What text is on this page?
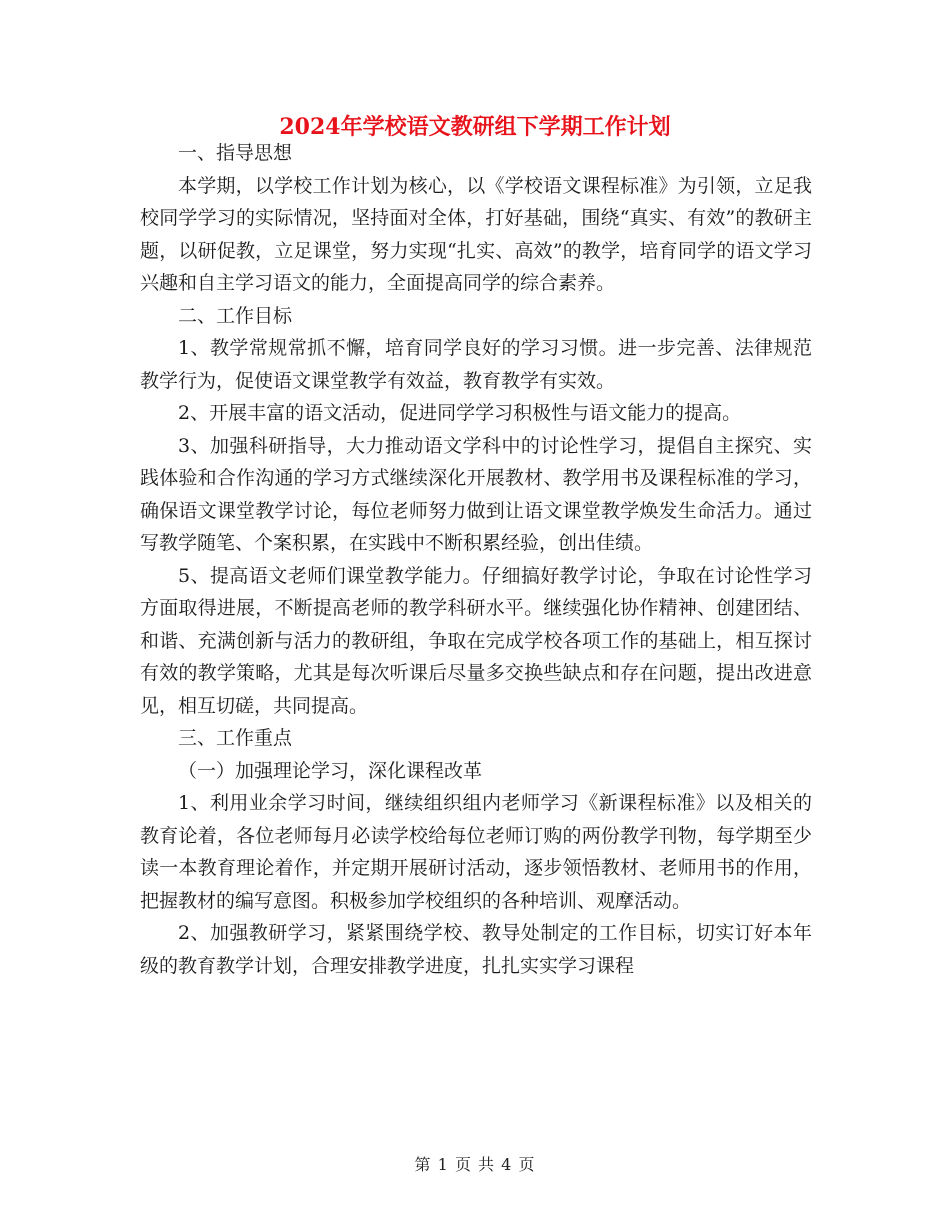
2024年学校语文教研组下学期工作计划

一、指导思想

本学期，以学校工作计划为核心，以《学校语文课程标准》为引领，立足我校同学学习的实际情况，坚持面对全体，打好基础，围绕“真实、有效”的教研主题，以研促教，立足课堂，努力实现“扎实、高效”的教学，培育同学的语文学习兴趣和自主学习语文的能力，全面提高同学的综合素养。

二、工作目标

1、教学常规常抓不懈，培育同学良好的学习习惯。进一步完善、法律规范教学行为，促使语文课堂教学有效益，教育教学有实效。

2、开展丰富的语文活动，促进同学学习积极性与语文能力的提高。

3、加强科研指导，大力推动语文学科中的讨论性学习，提倡自主探究、实践体验和合作沟通的学习方式继续深化开展教材、教学用书及课程标准的学习，确保语文课堂教学讨论，每位老师努力做到让语文课堂教学焕发生命活力。通过写教学随笔、个案积累，在实践中不断积累经验，创出佳绩。

5、提高语文老师们课堂教学能力。仔细搞好教学讨论，争取在讨论性学习方面取得进展，不断提高老师的教学科研水平。继续强化协作精神、创建团结、和谐、充满创新与活力的教研组，争取在完成学校各项工作的基础上，相互探讨有效的教学策略，尤其是每次听课后尽量多交换些缺点和存在问题，提出改进意见，相互切磋，共同提高。

三、工作重点

（一）加强理论学习，深化课程改革

1、利用业余学习时间，继续组织组内老师学习《新课程标准》以及相关的教育论着，各位老师每月必读学校给每位老师订购的两份教学刊物，每学期至少读一本教育理论着作，并定期开展研讨活动，逐步领悟教材、老师用书的作用，把握教材的编写意图。积极参加学校组织的各种培训、观摩活动。

2、加强教研学习，紧紧围绕学校、教导处制定的工作目标，切实订好本年级的教育教学计划，合理安排教学进度，扎扎实实学习课程

第 1 页 共 4 页
